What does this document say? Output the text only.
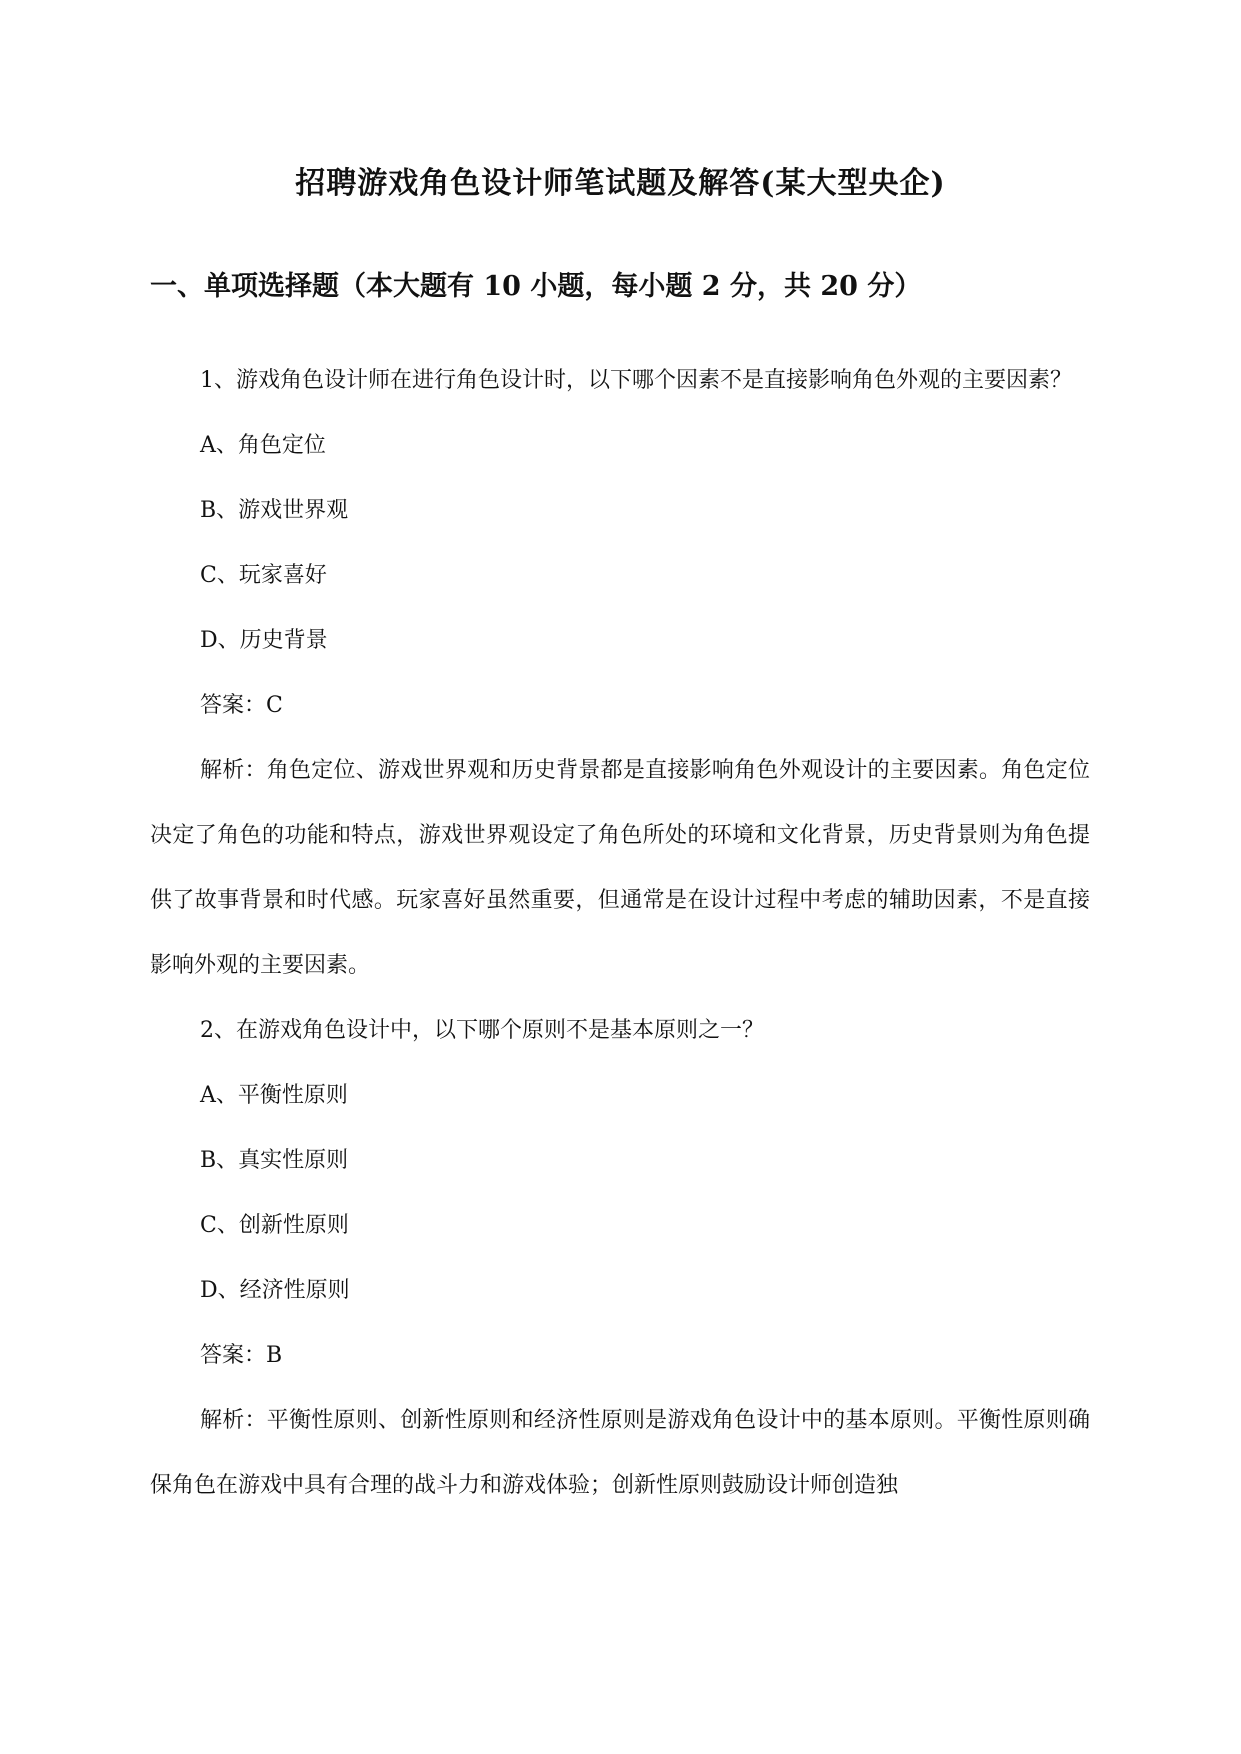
招聘游戏角色设计师笔试题及解答(某大型央企)
一、单项选择题（本大题有 10 小题，每小题 2 分，共 20 分）

1、游戏角色设计师在进行角色设计时，以下哪个因素不是直接影响角色外观的主要因素？

A、角色定位

B、游戏世界观

C、玩家喜好

D、历史背景

答案：C

解析：角色定位、游戏世界观和历史背景都是直接影响角色外观设计的主要因素。角色定位决定了角色的功能和特点，游戏世界观设定了角色所处的环境和文化背景，历史背景则为角色提供了故事背景和时代感。玩家喜好虽然重要，但通常是在设计过程中考虑的辅助因素，不是直接影响外观的主要因素。

2、在游戏角色设计中，以下哪个原则不是基本原则之一？

A、平衡性原则

B、真实性原则

C、创新性原则

D、经济性原则

答案：B

解析：平衡性原则、创新性原则和经济性原则是游戏角色设计中的基本原则。平衡性原则确保角色在游戏中具有合理的战斗力和游戏体验；创新性原则鼓励设计师创造独
